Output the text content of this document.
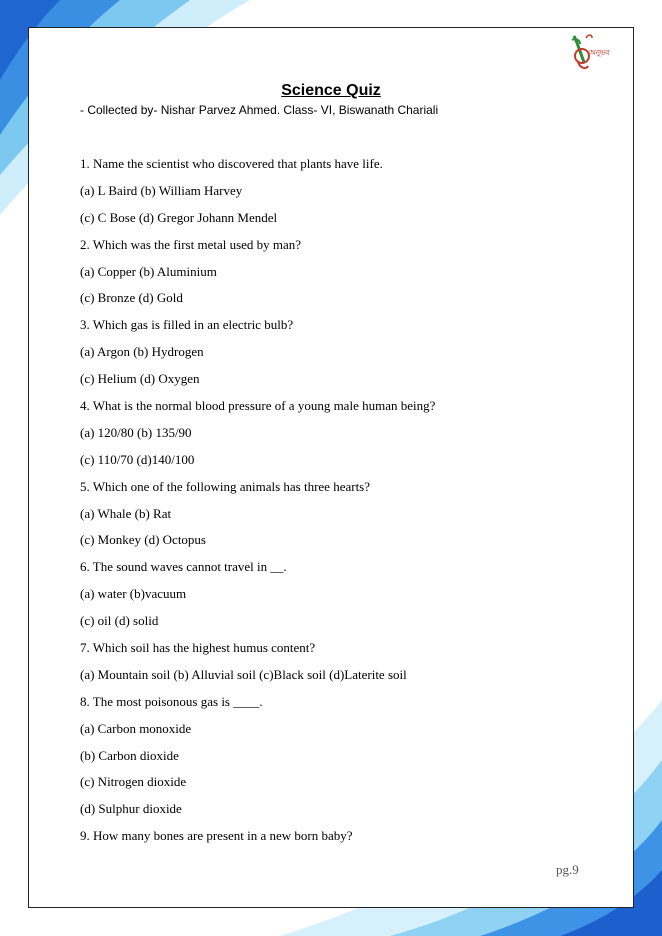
অনুভব
Science Quiz
- Collected by- Nishar Parvez Ahmed. Class- VI, Biswanath Chariali
1. Name the scientist who discovered that plants have life.
(a) L Baird (b) William Harvey
(c) C Bose (d) Gregor Johann Mendel
2. Which was the first metal used by man?
(a) Copper (b) Aluminium
(c) Bronze (d) Gold
3. Which gas is filled in an electric bulb?
(a) Argon (b) Hydrogen
(c) Helium (d) Oxygen
4. What is the normal blood pressure of a young male human being?
(a) 120/80 (b) 135/90
(c) 110/70 (d)140/100
5. Which one of the following animals has three hearts?
(a) Whale (b) Rat
(c) Monkey (d) Octopus
6. The sound waves cannot travel in __.
(a) water (b)vacuum
(c) oil (d) solid
7. Which soil has the highest humus content?
(a) Mountain soil (b) Alluvial soil (c)Black soil (d)Laterite soil
8. The most poisonous gas is ____.
(a) Carbon monoxide
(b) Carbon dioxide
(c) Nitrogen dioxide
(d) Sulphur dioxide
9. How many bones are present in a new born baby?
pg.9
